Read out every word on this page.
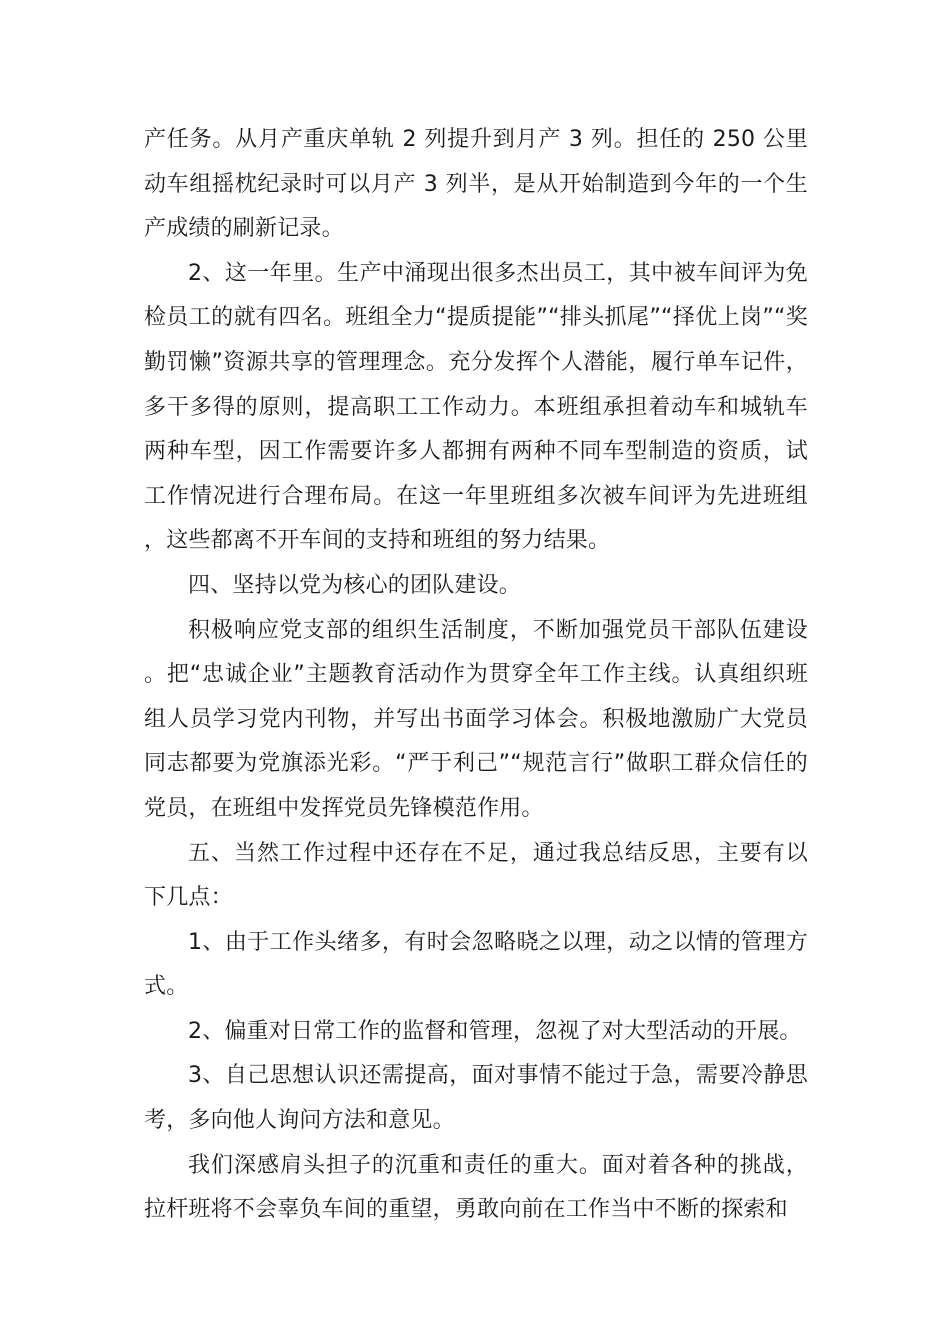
产任务。从月产重庆单轨 2 列提升到月产 3 列。担任的 250 公里动车组摇枕纪录时可以月产 3 列半，是从开始制造到今年的一个生产成绩的刷新记录。

2、这一年里。生产中涌现出很多杰出员工，其中被车间评为免检员工的就有四名。班组全力“提质提能”“排头抓尾”“择优上岗”“奖勤罚懒”资源共享的管理理念。充分发挥个人潜能，履行单车记件，多干多得的原则，提高职工工作动力。本班组承担着动车和城轨车两种车型，因工作需要许多人都拥有两种不同车型制造的资质，试工作情况进行合理布局。在这一年里班组多次被车间评为先进班组，这些都离不开车间的支持和班组的努力结果。

四、坚持以党为核心的团队建设。

积极响应党支部的组织生活制度，不断加强党员干部队伍建设。把“忠诚企业”主题教育活动作为贯穿全年工作主线。认真组织班组人员学习党内刊物，并写出书面学习体会。积极地激励广大党员同志都要为党旗添光彩。“严于利己”“规范言行”做职工群众信任的党员，在班组中发挥党员先锋模范作用。

五、当然工作过程中还存在不足，通过我总结反思，主要有以下几点：

1、由于工作头绪多，有时会忽略晓之以理，动之以情的管理方式。

2、偏重对日常工作的监督和管理，忽视了对大型活动的开展。

3、自己思想认识还需提高，面对事情不能过于急，需要冷静思考，多向他人询问方法和意见。

我们深感肩头担子的沉重和责任的重大。面对着各种的挑战，拉杆班将不会辜负车间的重望，勇敢向前在工作当中不断的探索和
